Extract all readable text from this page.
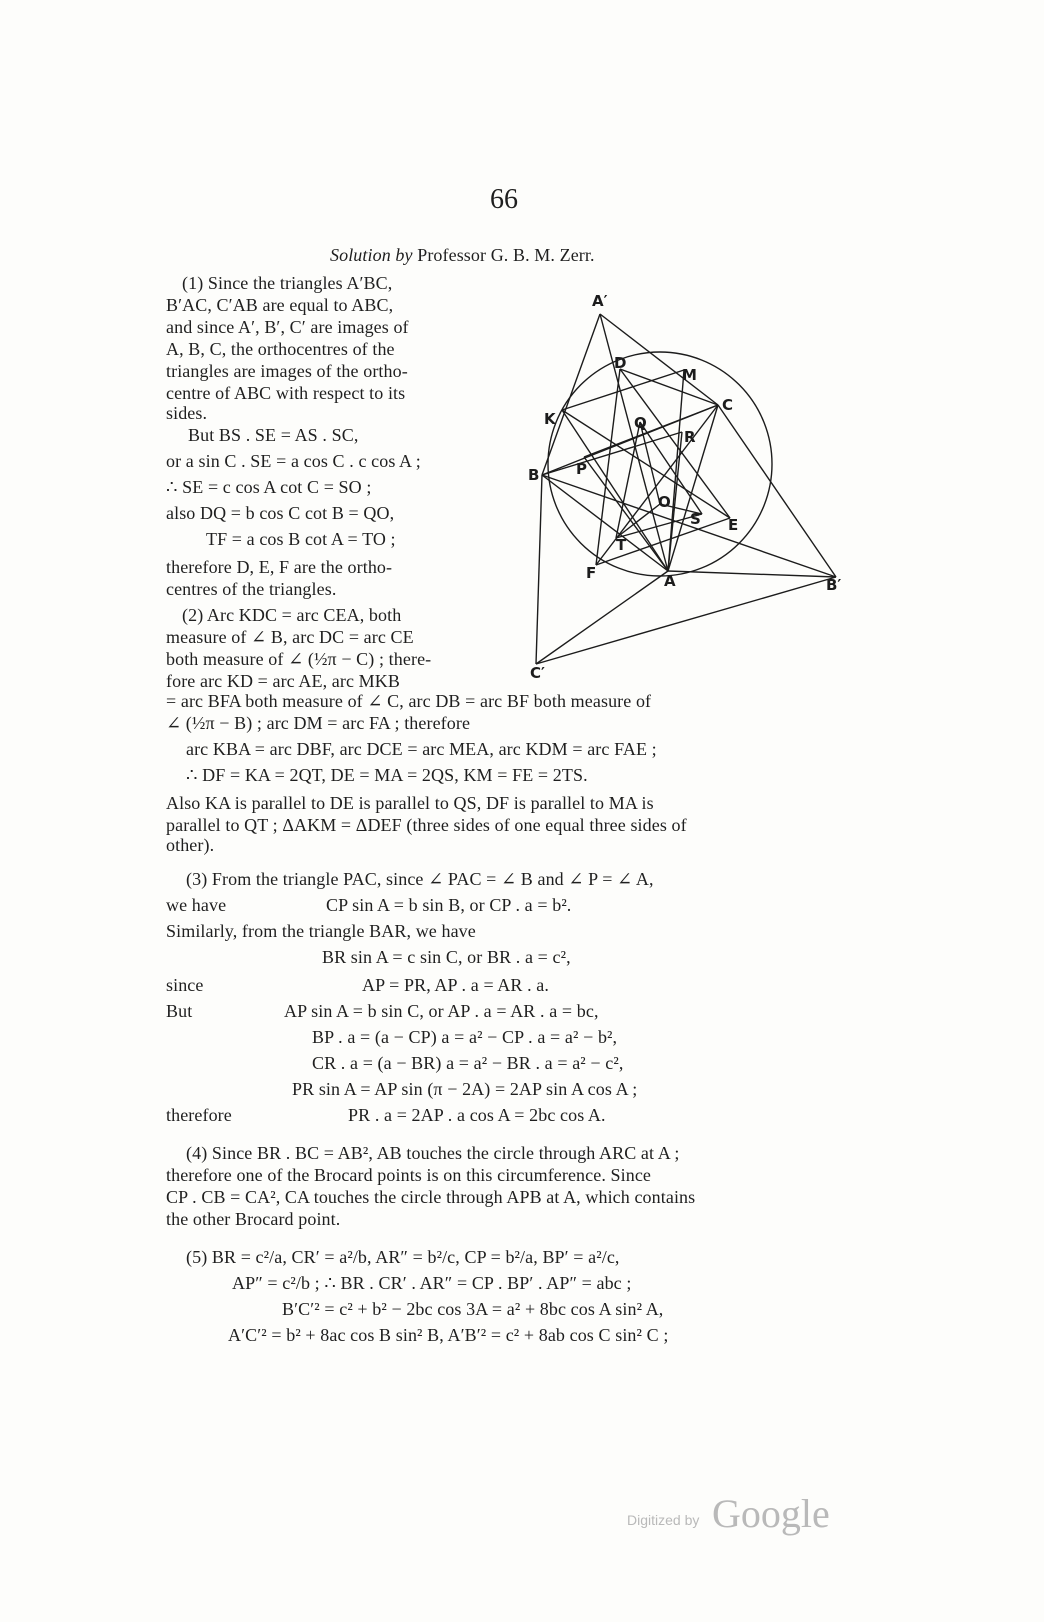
66
Solution by Professor G. B. M. Zerr.
(1) Since the triangles A′BC,
B′AC, C′AB are equal to ABC,
and since A′, B′, C′ are images of
A, B, C, the orthocentres of the
triangles are images of the ortho-
centre of ABC with respect to its
sides.
But BS . SE = AS . SC,
or a sin C . SE = a cos C . c cos A ;
∴ SE = c cos A cot C = SO ;
also DQ = b cos C cot B = QO,
TF = a cos B cot A = TO ;
therefore D, E, F are the ortho-
centres of the triangles.
(2) Arc KDC = arc CEA, both
measure of ∠ B, arc DC = arc CE
both measure of ∠ (½π − C) ; there-
fore arc KD = arc AE, arc MKB
= arc BFA both measure of ∠ C, arc DB = arc BF both measure of
∠ (½π − B) ; arc DM = arc FA ; therefore
arc KBA = arc DBF, arc DCE = arc MEA, arc KDM = arc FAE ;
∴ DF = KA = 2QT, DE = MA = 2QS, KM = FE = 2TS.
Also KA is parallel to DE is parallel to QS, DF is parallel to MA is
parallel to QT ; ΔAKM = ΔDEF (three sides of one equal three sides of
other).
(3) From the triangle PAC, since ∠ PAC = ∠ B and ∠ P = ∠ A,
we have	CP sin A = b sin B, or CP . a = b².
Similarly, from the triangle BAR, we have
BR sin A = c sin C, or BR . a = c²,
since	AP = PR, AP . a = AR . a.
But	AP sin A = b sin C, or AP . a = AR . a = bc,
BP . a = (a − CP) a = a² − CP . a = a² − b²,
CR . a = (a − BR) a = a² − BR . a = a² − c²,
PR sin A = AP sin (π − 2A) = 2AP sin A cos A ;
therefore	PR . a = 2AP . a cos A = 2bc cos A.
(4) Since BR . BC = AB², AB touches the circle through ARC at A ;
therefore one of the Brocard points is on this circumference. Since
CP . CB = CA², CA touches the circle through APB at A, which contains
the other Brocard point.
(5) BR = c²/a, CR′ = a²/b, AR″ = b²/c, CP = b²/a, BP′ = a²/c,
AP″ = c²/b ; ∴ BR . CR′ . AR″ = CP . BP′ . AP″ = abc ;
B′C′² = c² + b² − 2bc cos 3A = a² + 8bc cos A sin² A,
A′C′² = b² + 8ac cos B sin² B, A′B′² = c² + 8ab cos C sin² C ;
A′
D
M
C
K	Q
R
B P
O
S E
T
F	A	B′
C′
Digitized by Google
